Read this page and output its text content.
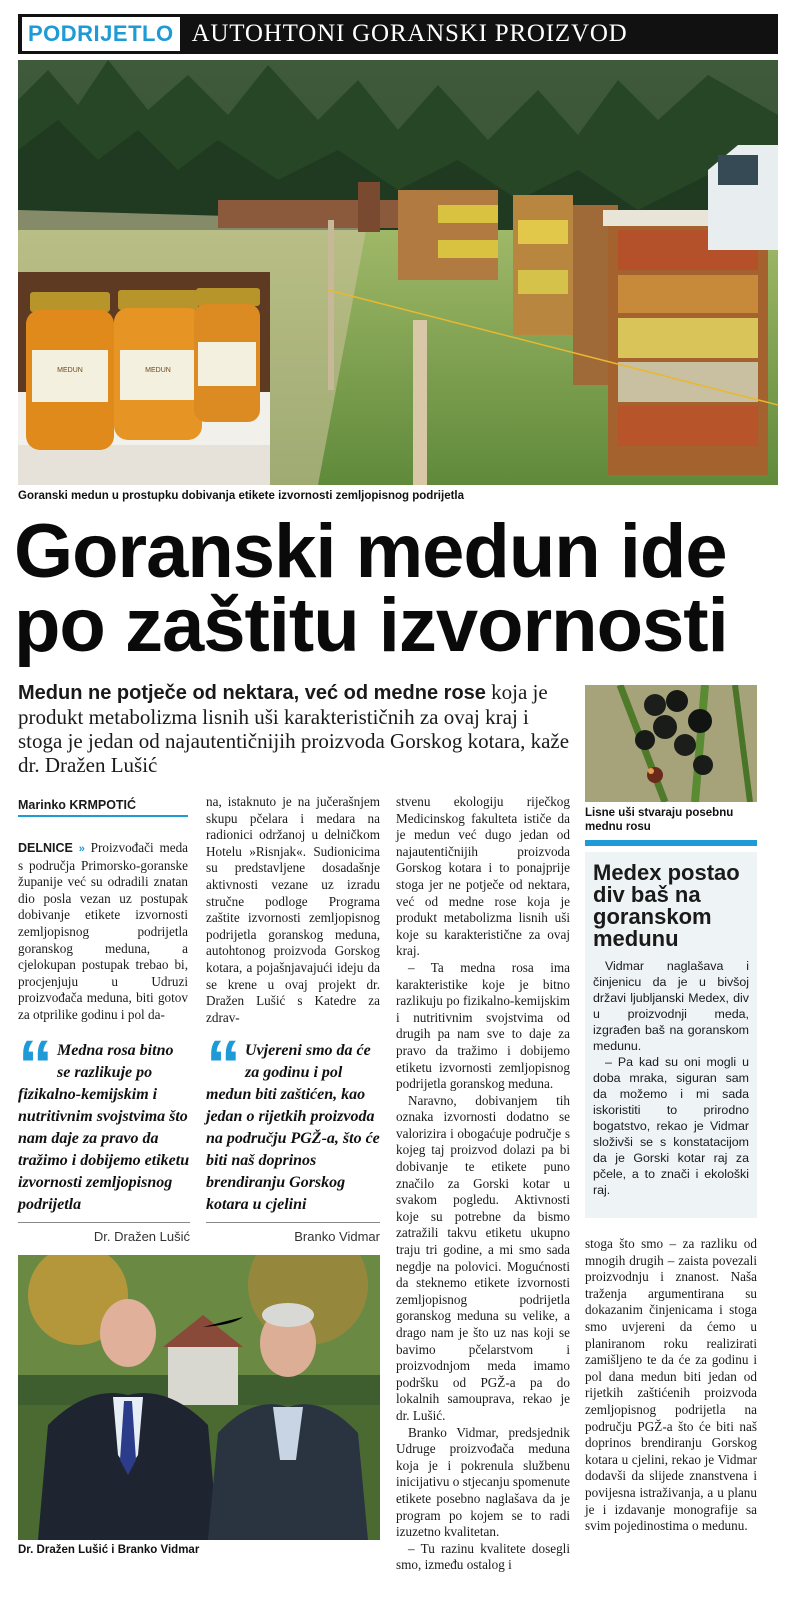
PODRIJETLO AUTOHTONI GORANSKI PROIZVOD
MEDUN	MEDUN
Goranski medun u prostupku dobivanja etikete izvornosti zemljopisnog podrijetla
Goranski medun ide
po zaštitu izvornosti
Medun ne potječe od nektara, već od medne rose koja je produkt metabolizma lisnih uši karakterističnih za ovaj kraj i stoga je jedan od najautentičnijih proizvoda Gorskog kotara, kaže dr. Dražen Lušić
Lisne uši stvaraju posebnu mednu rosu
Marinko KRMPOTIĆ

DELNICE » Proizvođači meda s područja Primorsko-goranske županije već su odradili znatan dio posla vezan uz postupak dobivanje etikete izvornosti zemljopisnog podrijetla goranskog meduna, a cjelokupan postupak trebao bi, procjenjuju u Udruzi proizvođača meduna, biti gotov za otprilike godinu i pol da-

na, istaknuto je na jučerašnjem skupu pčelara i medara na radionici održanoj u delničkom Hotelu »Risnjak«. Sudionicima su predstavljene dosadašnje aktivnosti vezane uz izradu stručne podloge Programa zaštite izvornosti zemljopisnog podrijetla goranskog meduna, autohtonog proizvoda Gorskog kotara, a pojašnjavajući ideju da se krene u ovaj projekt dr. Dražen Lušić s Katedre za zdrav-

“ Medna rosa bitno se razlikuje po fizikalno-kemijskim i nutritivnim svojstvima što nam daje za pravo da tražimo i dobijemo etiketu izvornosti zemljopisnog podrijetla
Dr. Dražen Lušić
“ Uvjereni smo da će za godinu i pol medun biti zaštićen, kao jedan o rijetkih proizvoda na području PGŽ-a, što će biti naš doprinos brendiranju Gorskog kotara u cjelini
Branko Vidmar

stvenu ekologiju riječkog Medicinskog fakulteta ističe da je medun već dugo jedan od najautentičnijih proizvoda Gorskog kotara i to ponajprije stoga jer ne potječe od nektara, već od medne rose koja je produkt metabolizma lisnih uši koje su karakteristične za ovaj kraj.

– Ta medna rosa ima karakteristike koje je bitno razlikuju po fizikalno-kemijskim i nutritivnim svojstvima od drugih pa nam sve to daje za pravo da tražimo i dobijemo etiketu izvornosti zemljopisnog podrijetla goranskog meduna.

Naravno, dobivanjem tih oznaka izvornosti dodatno se valorizira i obogaćuje područje s kojeg taj proizvod dolazi pa bi dobivanje te etikete puno značilo za Gorski kotar u svakom pogledu. Aktivnosti koje su potrebne da bismo zatražili takvu etiketu ukupno traju tri godine, a mi smo sada negdje na polovici. Mogućnosti da steknemo etikete izvornosti zemljopisnog podrijetla goranskog meduna su velike, a drago nam je što uz nas koji se bavimo pčelarstvom i proizvodnjom meda imamo podršku od PGŽ-a pa do lokalnih samouprava, rekao je dr. Lušić.

Branko Vidmar, predsjednik Udruge proizvođača meduna koja je i pokrenula službenu inicijativu o stjecanju spomenute etikete posebno naglašava da je program po kojem se to radi izuzetno kvalitetan.

– Tu razinu kvalitete dosegli smo, između ostalog i

Medex postao div baš na goranskom medunu

Vidmar naglašava i činjenicu da je u bivšoj državi ljubljanski Medex, div u proizvodnji meda, izgrađen baš na goranskom medunu.

– Pa kad su oni mogli u doba mraka, siguran sam da možemo i mi sada iskoristiti to prirodno bogatstvo, rekao je Vidmar složivši se s konstatacijom da je Gorski kotar raj za pčele, a to znači i ekološki raj.

stoga što smo – za razliku od mnogih drugih – zaista povezali proizvodnju i znanost. Naša traženja argumentirana su dokazanim činjenicama i stoga smo uvjereni da ćemo u planiranom roku realizirati zamišljeno te da će za godinu i pol dana medun biti jedan od rijetkih zaštićenih proizvoda zemljopisnog podrijetla na području PGŽ-a što će biti naš doprinos brendiranju Gorskog kotara u cjelini, rekao je Vidmar dodavši da slijede znanstvena i povijesna istraživanja, a u planu je i izdavanje monografije sa svim pojedinostima o medunu.

Dr. Dražen Lušić i Branko Vidmar
